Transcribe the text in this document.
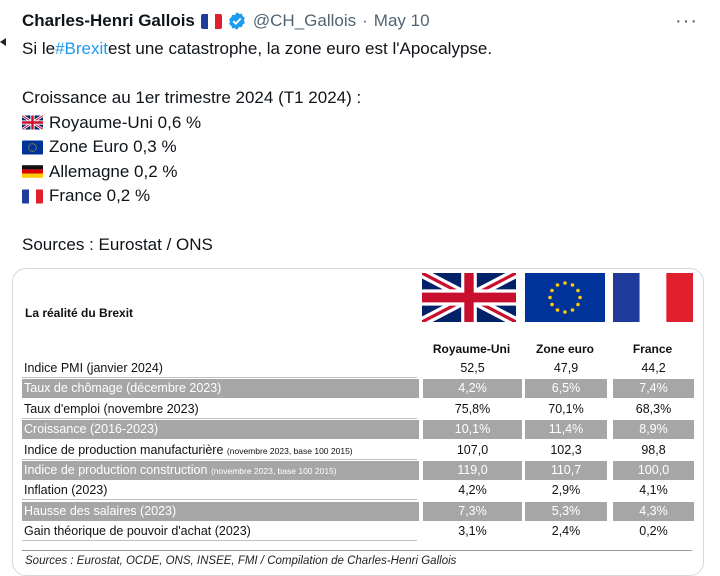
Charles-Henri Gallois	@CH_Gallois · May 10	···
Si le #Brexit est une catastrophe, la zone euro est l'Apocalypse.
Croissance au 1er trimestre 2024 (T1 2024) :
Royaume-Uni 0,6 %
Zone Euro 0,3 %
Allemagne 0,2 %
France 0,2 %
Sources : Eurostat / ONS
La réalité du Brexit
Royaume-Uni	Zone euro	France
Indice PMI (janvier 2024)	52,5	47,9	44,2
Taux de chômage (décembre 2023)	4,2%	6,5%	7,4%
Taux d'emploi (novembre 2023)	75,8%	70,1%	68,3%
Croissance (2016-2023)	10,1%	11,4%	8,9%
Indice de production manufacturière (novembre 2023, base 100 2015)	107,0	102,3	98,8
Indice de production construction (novembre 2023, base 100 2015)	119,0	110,7	100,0
Inflation (2023)	4,2%	2,9%	4,1%
Hausse des salaires (2023)	7,3%	5,3%	4,3%
Gain théorique de pouvoir d'achat (2023)	3,1%	2,4%	0,2%
Sources : Eurostat, OCDE, ONS, INSEE, FMI / Compilation de Charles-Henri Gallois
